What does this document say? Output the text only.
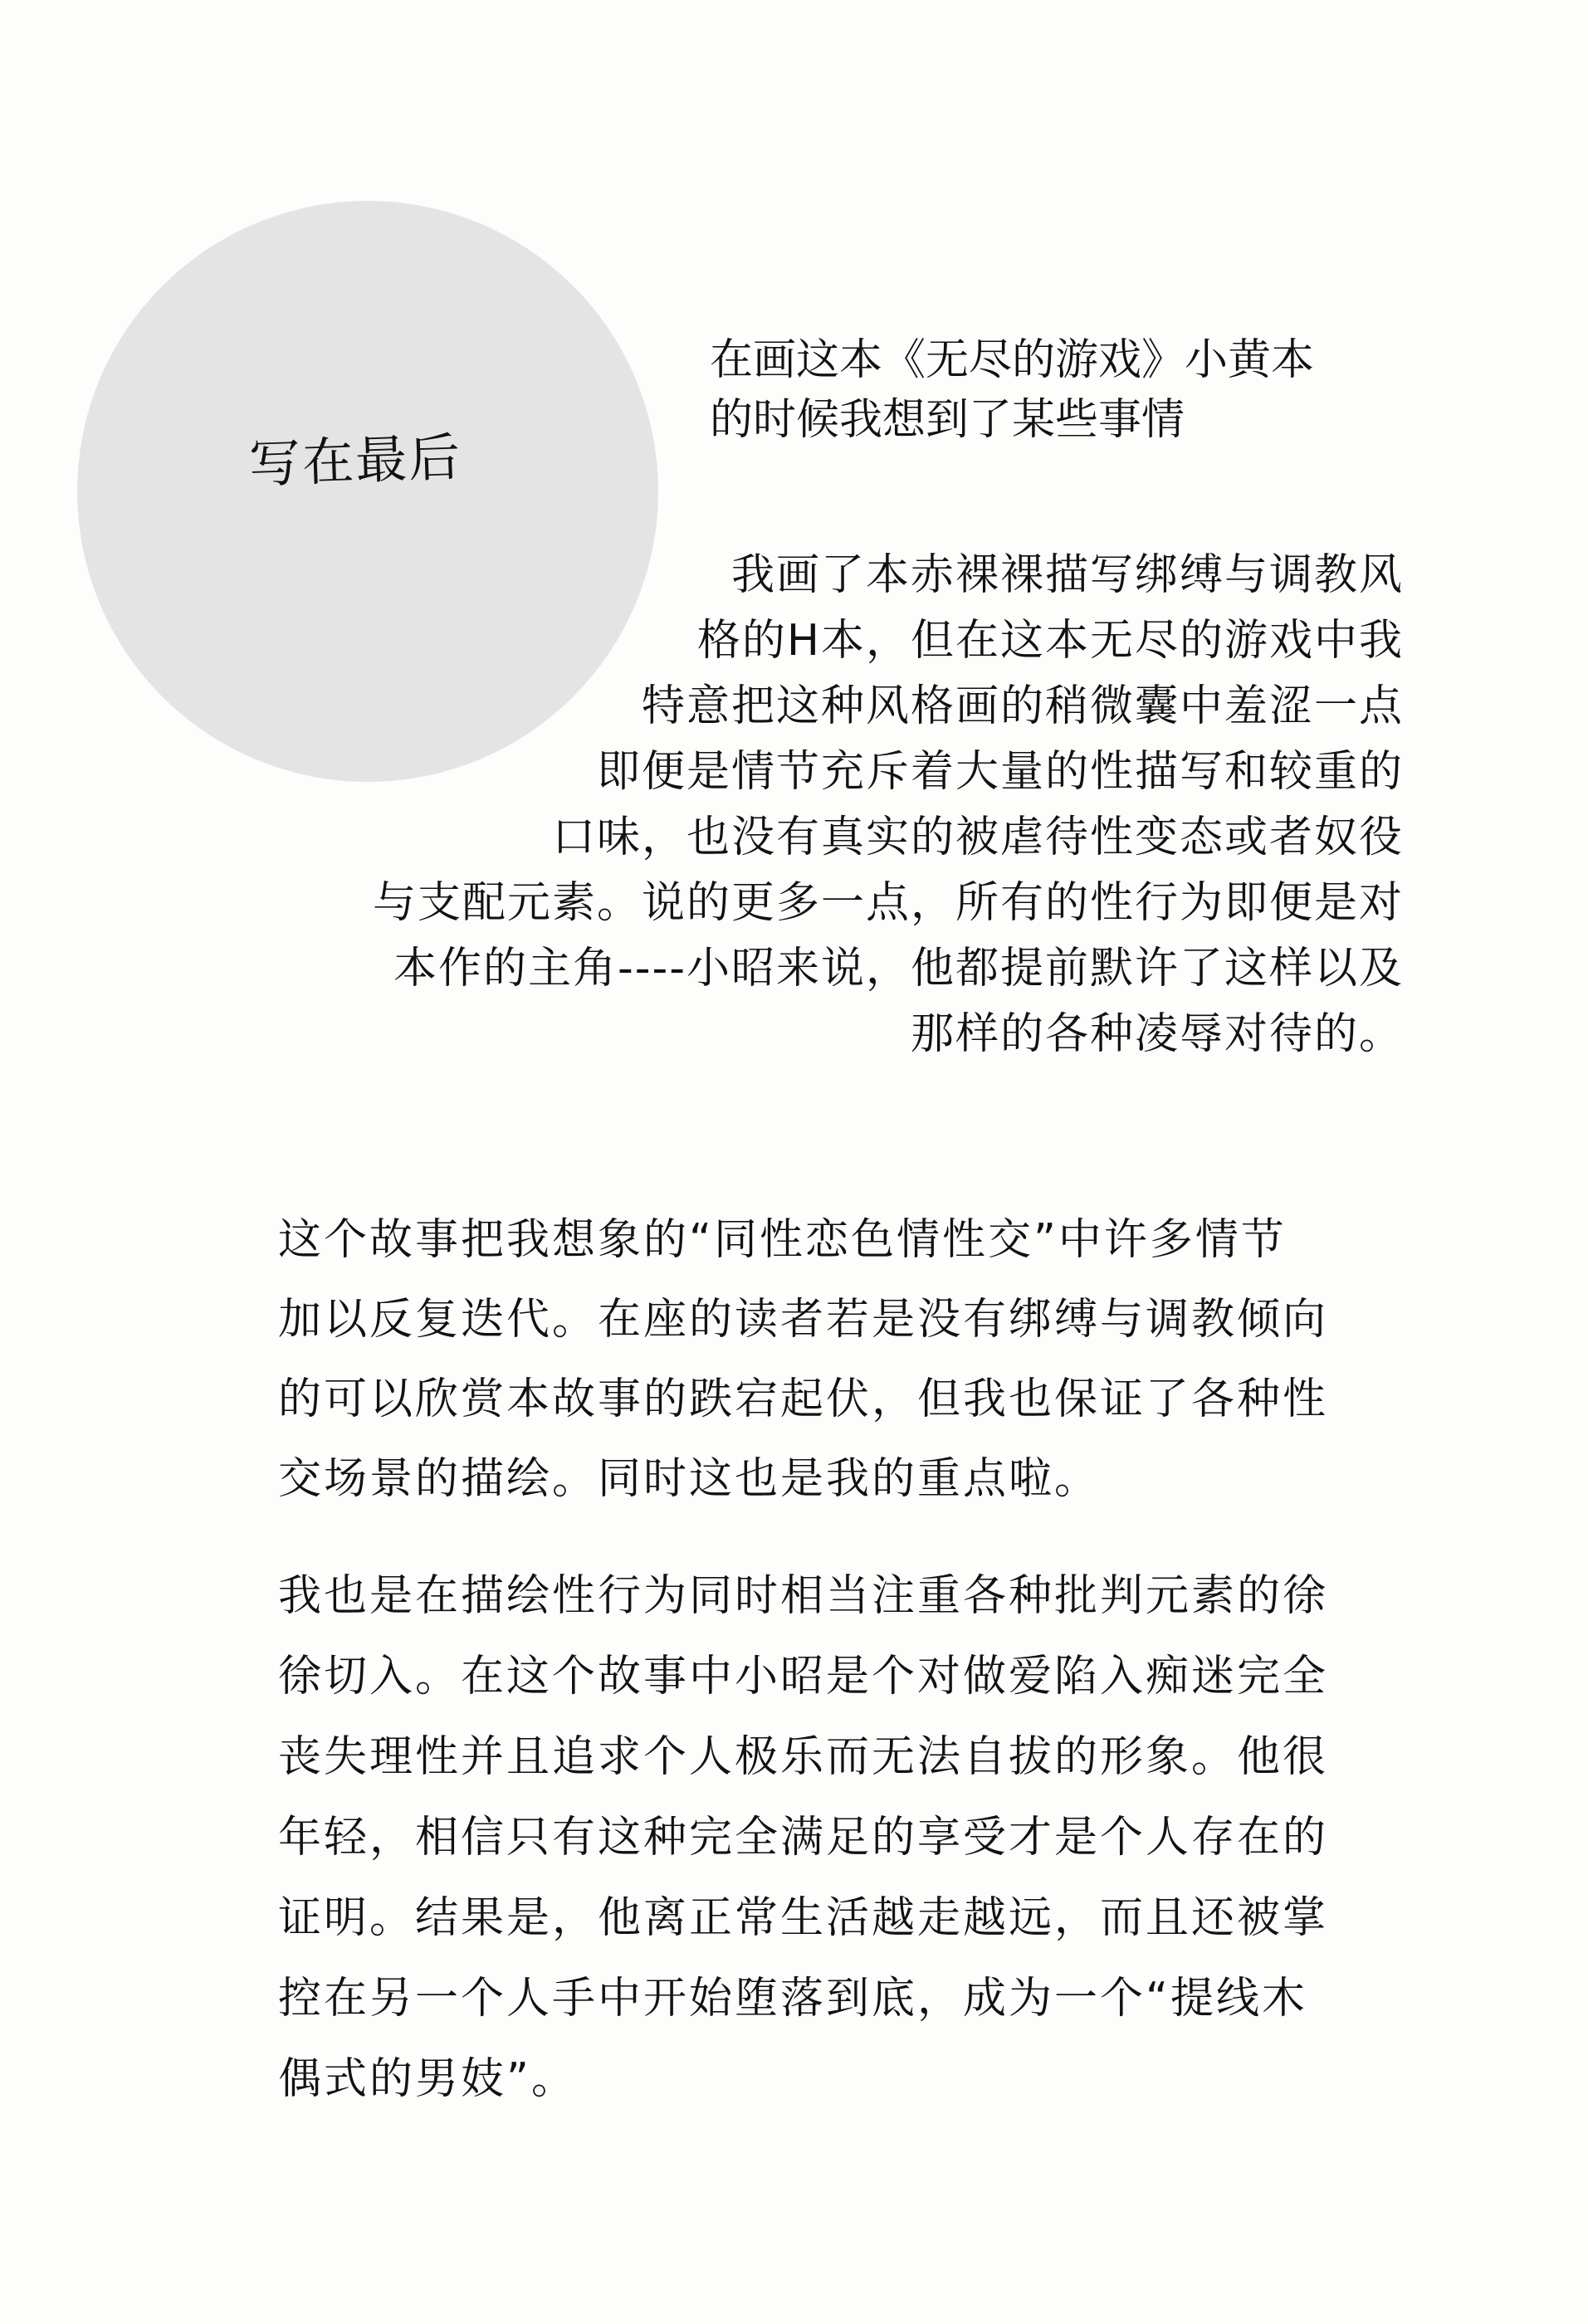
写在最后
在画这本《无尽的游戏》小黄本
的时候我想到了某些事情
我画了本赤裸裸描写绑缚与调教风
格的H本，但在这本无尽的游戏中我
特意把这种风格画的稍微囊中羞涩一点
即便是情节充斥着大量的性描写和较重的
口味，也没有真实的被虐待性变态或者奴役
与支配元素。说的更多一点，所有的性行为即便是对
本作的主角----小昭来说，他都提前默许了这样以及
那样的各种凌辱对待的。
这个故事把我想象的“同性恋色情性交”中许多情节
加以反复迭代。在座的读者若是没有绑缚与调教倾向
的可以欣赏本故事的跌宕起伏，但我也保证了各种性
交场景的描绘。同时这也是我的重点啦。
我也是在描绘性行为同时相当注重各种批判元素的徐
徐切入。在这个故事中小昭是个对做爱陷入痴迷完全
丧失理性并且追求个人极乐而无法自拔的形象。他很
年轻，相信只有这种完全满足的享受才是个人存在的
证明。结果是，他离正常生活越走越远，而且还被掌
控在另一个人手中开始堕落到底，成为一个“提线木
偶式的男妓”。
